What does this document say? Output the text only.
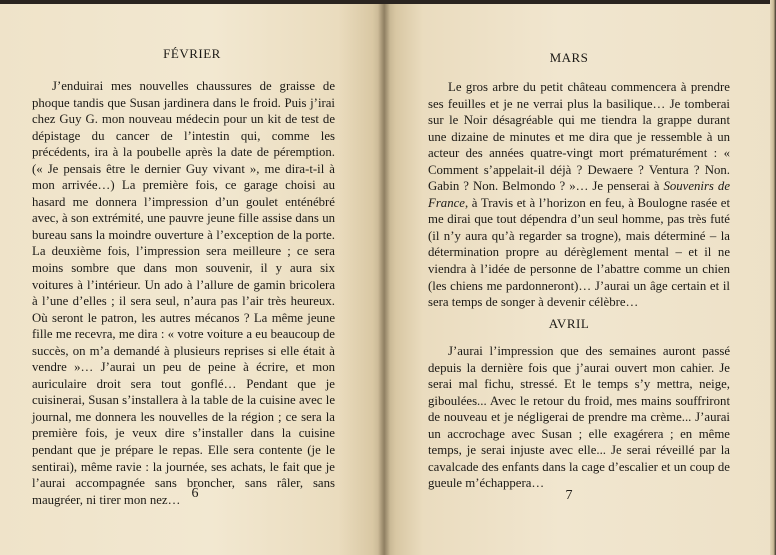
FÉVRIER

J’enduirai mes nouvelles chaussures de graisse de phoque tandis que Susan jardinera dans le froid. Puis j’irai chez Guy G. mon nouveau médecin pour un kit de test de dépistage du cancer de l’intestin qui, comme les précédents, ira à la poubelle après la date de péremption. (« Je pensais être le dernier Guy vivant », me dira-t-il à mon arrivée…) La première fois, ce garage choisi au hasard me donnera l’impression d’un goulet enténébré avec, à son extrémité, une pauvre jeune fille assise dans un bureau sans la moindre ouverture à l’exception de la porte. La deuxième fois, l’impression sera meilleure ; ce sera moins sombre que dans mon souvenir, il y aura six voitures à l’intérieur. Un ado à l’allure de gamin bricolera à l’une d’elles ; il sera seul, n’aura pas l’air très heureux. Où seront le patron, les autres mécanos ? La même jeune fille me recevra, me dira : « votre voiture a eu beaucoup de succès, on m’a demandé à plusieurs reprises si elle était à vendre »… J’aurai un peu de peine à écrire, et mon auriculaire droit sera tout gonflé… Pendant que je cuisinerai, Susan s’installera à la table de la cuisine avec le journal, me donnera les nouvelles de la région ; ce sera la première fois, je veux dire s’installer dans la cuisine pendant que je prépare le repas. Elle sera contente (je le sentirai), même ravie : la journée, ses achats, le fait que je l’aurai accompagnée sans broncher, sans râler, sans maugréer, ni tirer mon nez… 6
MARS

Le gros arbre du petit château commencera à prendre ses feuilles et je ne verrai plus la basilique… Je tomberai sur le Noir désagréable qui me tiendra la grappe durant une dizaine de minutes et me dira que je ressemble à un acteur des années quatre-vingt mort prématurément : « Comment s’appelait-il déjà ? Dewaere ? Ventura ? Non. Gabin ? Non. Belmondo ? »… Je penserai à Souvenirs de France, à Travis et à l’horizon en feu, à Boulogne rasée et me dirai que tout dépendra d’un seul homme, pas très futé (il n’y aura qu’à regarder sa trogne), mais déterminé – la détermination propre au dérèglement mental – et il ne viendra à l’idée de personne de l’abattre comme un chien (les chiens me pardonneront)… J’aurai un âge certain et il sera temps de songer à devenir célèbre…

AVRIL

J’aurai l’impression que des semaines auront passé depuis la dernière fois que j’aurai ouvert mon cahier. Je serai mal fichu, stressé. Et le temps s’y mettra, neige, giboulées... Avec le retour du froid, mes mains souffriront de nouveau et je négligerai de prendre ma crème... J’aurai un accrochage avec Susan ; elle exagérera ; en même temps, je serai injuste avec elle... Je serai réveillé par la cavalcade des enfants dans la cage d’escalier et un coup de gueule m’échappera…

7
